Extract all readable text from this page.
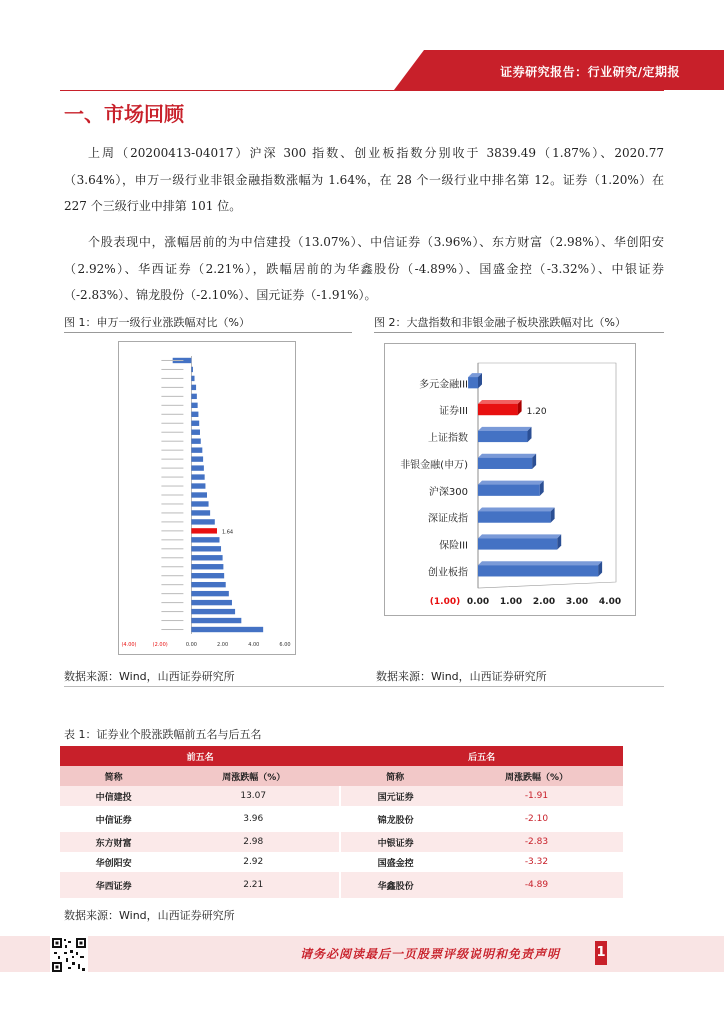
证券研究报告：行业研究/定期报
一、市场回顾

上周（20200413-04017）沪深 300 指数、创业板指数分别收于 3839.49（1.87%）、2020.77（3.64%），申万一级行业非银金融指数涨幅为 1.64%，在 28 个一级行业中排名第 12。证券（1.20%）在 227 个三级行业中排第 101 位。

个股表现中，涨幅居前的为中信建投（13.07%）、中信证券（3.96%）、东方财富（2.98%）、华创阳安（2.92%）、华西证券（2.21%），跌幅居前的为华鑫股份（-4.89%）、国盛金控（-3.32%）、中银证券（-2.83%）、锦龙股份（-2.10%）、国元证券（-1.91%）。

图 1：申万一级行业涨跌幅对比（%）	图 2：大盘指数和非银金融子板块涨跌幅对比（%）
1.64
(4.00)	(2.00)	0.00	2.00	4.00	6.00
多元金融III
证券III	1.20
上证指数
非银金融(申万)
沪深300
深证成指
保险III
创业板指
(1.00) 0.00 1.00 2.00 3.00 4.00
数据来源：Wind，山西证券研究所	数据来源：Wind，山西证券研究所
表 1：证券业个股涨跌幅前五名与后五名
前五名		后五名	
简称	周涨跌幅（%）	简称	周涨跌幅（%）
中信建投	13.07	国元证券	-1.91
中信证券	3.96	锦龙股份	-2.10
东方财富	2.98	中银证券	-2.83
华创阳安	2.92	国盛金控	-3.32
华西证券	2.21	华鑫股份	-4.89
数据来源：Wind，山西证券研究所
请务必阅读最后一页股票评级说明和免责声明	1
